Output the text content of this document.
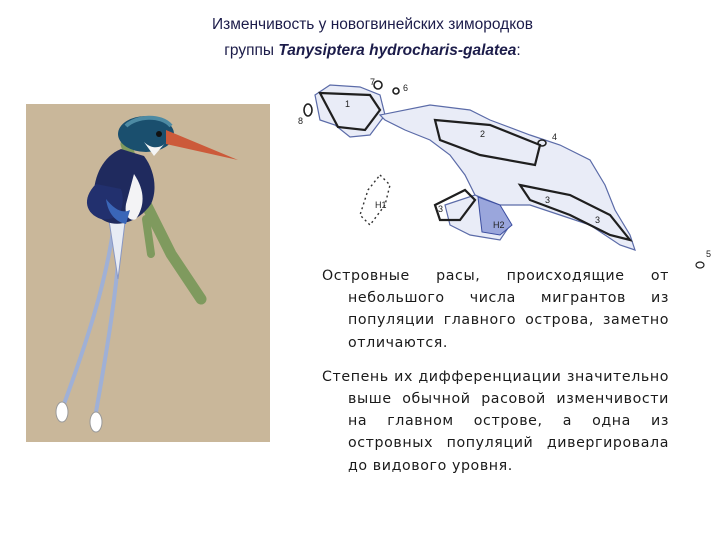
Изменчивость у новогвинейских зимородков
группы Tanysiptera hydrocharis-galatea:
1
2
3
3
3
4
5
6
7
8
H1
H2

Островные расы, происходящие от небольшого числа мигрантов из популяции главного острова, заметно отличаются.

Степень их дифференциации значительно выше обычной расовой изменчивости на главном острове, а одна из островных популяций дивергировала до видового уровня.
